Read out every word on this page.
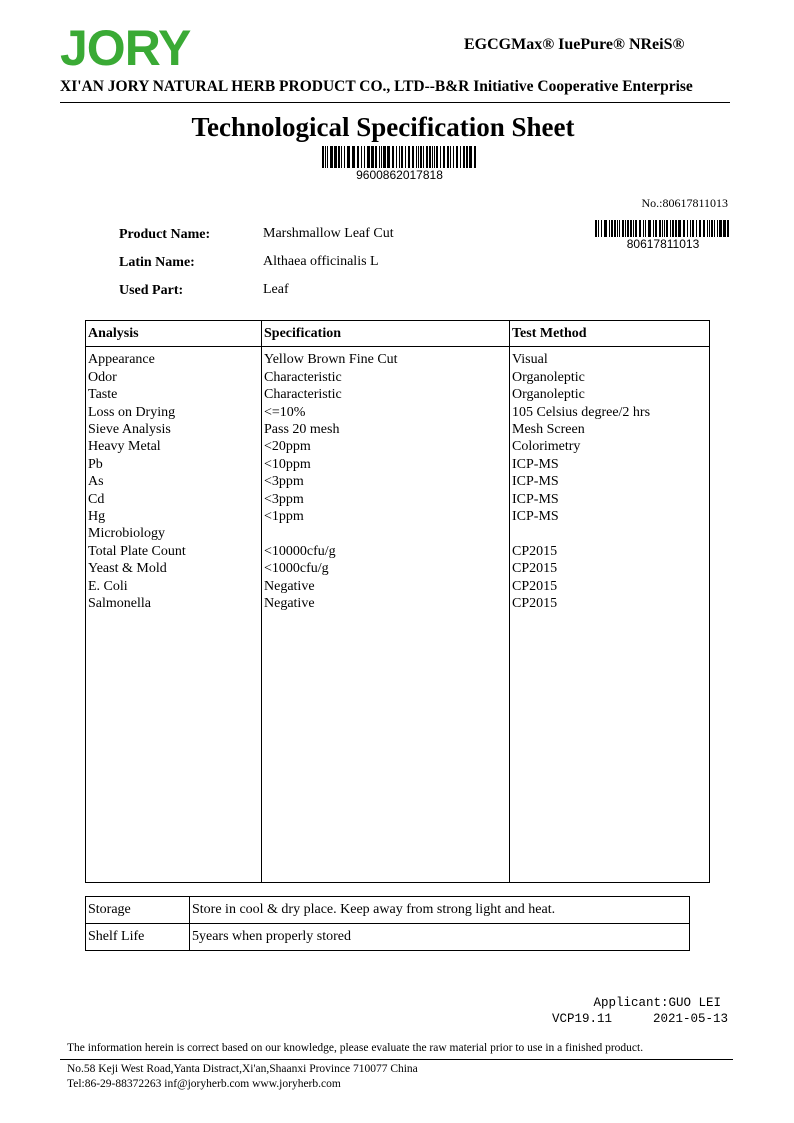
JORY	EGCGMax® IuePure® NReiS®
XI'AN JORY NATURAL HERB PRODUCT CO., LTD--B&R Initiative Cooperative Enterprise
Technological Specification Sheet
9600862017818
No.:80617811013
80617811013
Product Name:	Marshmallow Leaf Cut
Latin Name:	Althaea officinalis L
Used Part:	Leaf
Analysis	Specification	Test Method
Appearance	Yellow Brown Fine Cut	Visual
Odor	Characteristic	Organoleptic
Taste	Characteristic	Organoleptic
Loss on Drying	<=10%	105 Celsius degree/2 hrs
Sieve Analysis	Pass 20 mesh	Mesh Screen
Heavy Metal	<20ppm	Colorimetry
Pb	<10ppm	ICP-MS
As	<3ppm	ICP-MS
Cd	<3ppm	ICP-MS
Hg	<1ppm	ICP-MS
Microbiology		
Total Plate Count	<10000cfu/g	CP2015
Yeast & Mold	<1000cfu/g	CP2015
E. Coli	Negative	CP2015
Salmonella	Negative	CP2015

Storage	Store in cool & dry place. Keep away from strong light and heat.
Shelf Life	5years when properly stored
Applicant:GUO LEI
VCP19.11	2021-05-13
The information herein is correct based on our knowledge, please evaluate the raw material prior to use in a finished product.
No.58 Keji West Road,Yanta Distract,Xi'an,Shaanxi Province 710077 China
Tel:86-29-88372263 inf@joryherb.com www.joryherb.com
